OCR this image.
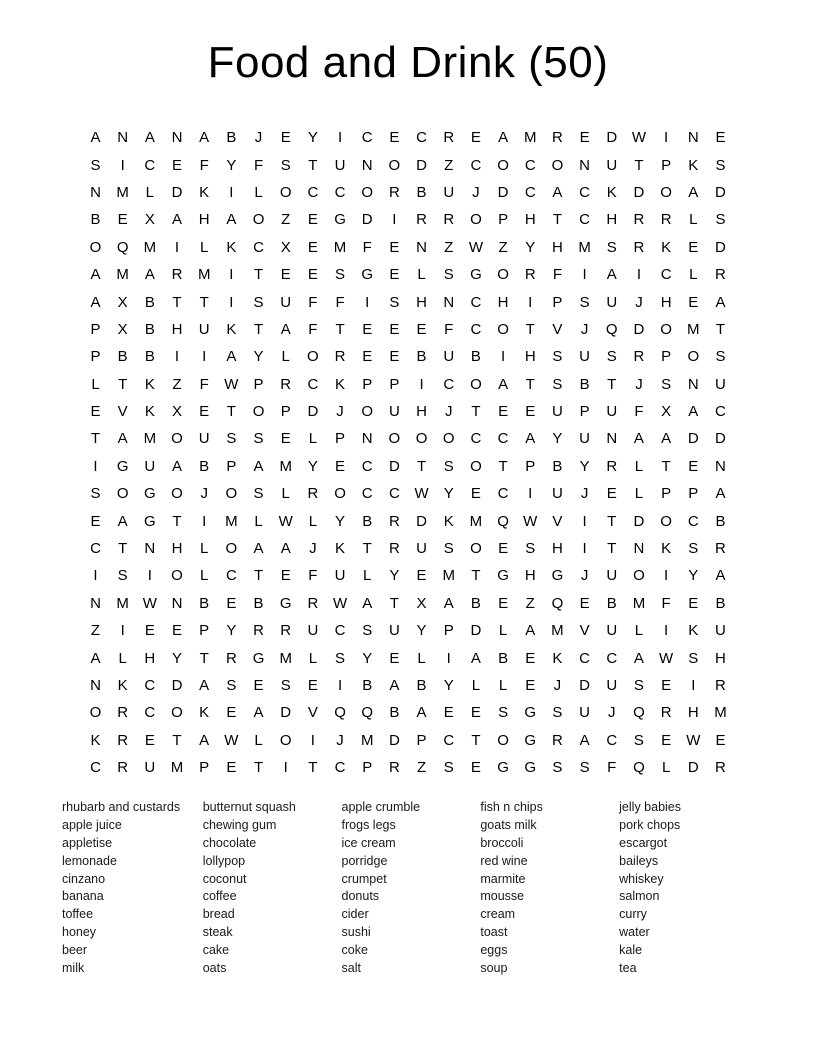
Food and Drink (50)
A	N	A	N	A	B	J	E	Y	I	C	E	C	R	E	A	M	R	E	D W	I	N	E
S	I	C	E	F	Y	F	S	T	U	N	O	D	Z	C	O	C	O	N	U	T	P	K	S
N	M	L	D	K	I	L	O	C	C	O	R	B	U	J	D	C	A	C	K	D	O	A	D
B	E	X	A	H	A	O	Z	E	G	D	I	R	R	O	P	H	T	C	H	R	R	L	S
O	Q	M	I	L	K	C	X	E	M	F	E	N	Z	W	Z	Y	H	M	S	R	K	E	D
A	M	A	R	M	I	T	E	E	S	G	E	L	S	G	O	R	F	I	A	I	C	L	R
A	X	B	T	T	I	S	U	F	F	I	S	H	N	C	H	I	P	S	U	J	H	E	A
P	X	B	H	U	K	T	A	F	T	E	E	E	F	C	O	T	V	J	Q	D	O	M	T
P	B	B	I	I	A	Y	L	O	R	E	E	B	U	B	I	H	S	U	S	R	P	O	S
L	T	K	Z	F	W	P	R	C	K	P	P	I	C	O	A	T	S	B	T	J	S	N	U
E	V	K	X	E	T	O	P	D	J	O	U	H	J	T	E	E	U	P	U	F	X	A	C
T	A	M	O	U	S	S	E	L	P	N	O	O	O	C	C	A	Y	U	N	A	A	D	D
I	G	U	A	B	P	A	M	Y	E	C	D	T	S	O	T	P	B	Y	R	L	T	E	N
S	O	G	O	J	O	S	L	R	O	C	C W	Y	E	C	I	U	J	E	L	P	P	A
E	A	G	T	I	M	L	W	L	Y	B	R	D	K	M	Q W	V	I	T	D	O	C	B
C	T	N	H	L	O	A	A	J	K	T	R	U	S	O	E	S	H	I	T	N	K	S	R
I	S	I	O	L	C	T	E	F	U	L	Y	E	M	T	G	H	G	J	U	O	I	Y	A
N	M W N	B	E	B	G	R W	A	T	X	A	B	E	Z	Q	E	B	M	F	E	B
Z	I	E	E	P	Y	R	R	U	C	S	U	Y	P	D	L	A	M	V	U	L	I	K	U
A	L	H	Y	T	R	G	M	L	S	Y	E	L	I	A	B	E	K	C	C	A	W	S	H
N	K	C	D	A	S	E	S	E	I	B	A	B	Y	L	L	E	J	D	U	S	E	I	R
O	R	C	O	K	E	A	D	V	Q	Q	B	A	E	E	S	G	S	U	J	Q	R	H	M
K	R	E	T	A	W	L	O	I	J	M	D	P	C	T	O	G	R	A	C	S	E	W	E
C	R	U	M	P	E	T	I	T	C	P	R	Z	S	E	G	G	S	S	F	Q	L	D	R
rhubarb and custards
apple juice
appletise
lemonade
cinzano
banana
toffee
honey
beer
milk
butternut squash
chewing gum
chocolate
lollypop
coconut
coffee
bread
steak
cake
oats
apple crumble
frogs legs
ice cream
porridge
crumpet
donuts
cider
sushi
coke
salt
fish n chips
goats milk
broccoli
red wine
marmite
mousse
cream
toast
eggs
soup
jelly babies
pork chops
escargot
baileys
whiskey
salmon
curry
water
kale
tea
